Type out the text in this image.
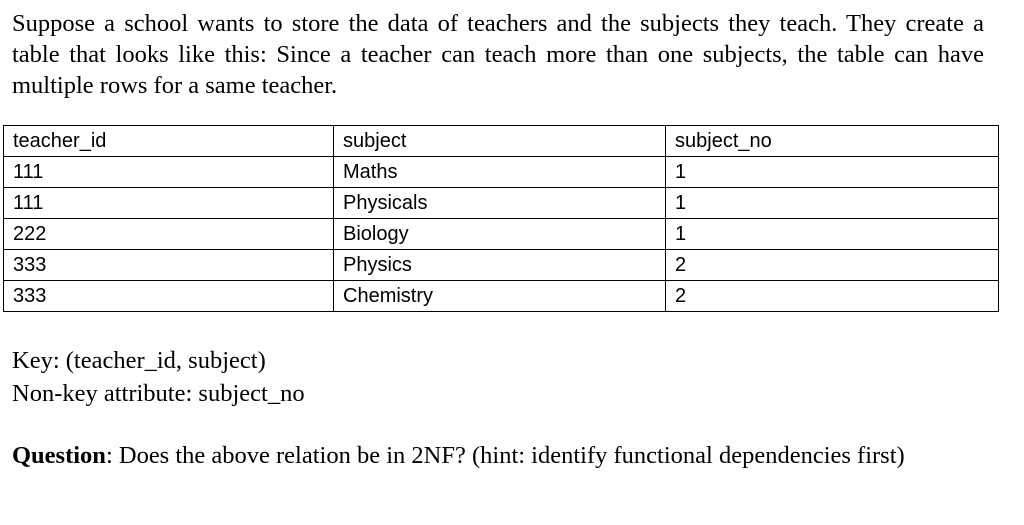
Suppose a school wants to store the data of teachers and the subjects they teach. They create a table that looks like this: Since a teacher can teach more than one subjects, the table can have multiple rows for a same teacher.

teacher_id	subject	subject_no
111	Maths	1
111	Physicals	1
222	Biology	1
333	Physics	2
333	Chemistry	2
Key: (teacher_id, subject)
Non-key attribute: subject_no

Question: Does the above relation be in 2NF? (hint: identify functional dependencies first)
